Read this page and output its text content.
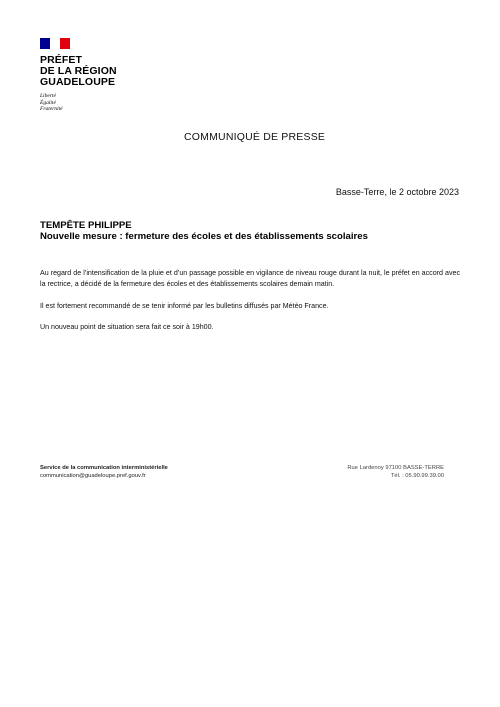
PRÉFET
DE LA RÉGION
GUADELOUPE
Liberté
Égalité
Fraternité
COMMUNIQUÉ DE PRESSE
Basse-Terre, le 2 octobre 2023
TEMPÊTE PHILIPPE
Nouvelle mesure : fermeture des écoles et des établissements scolaires

Au regard de l’intensification de la pluie et d’un passage possible en vigilance de niveau rouge durant la nuit, le préfet en accord avec la rectrice, a décidé de la fermeture des écoles et des établissements scolaires demain matin.

Il est fortement recommandé de se tenir informé par les bulletins diffusés par Météo France.

Un nouveau point de situation sera fait ce soir à 19h00.

Service de la communication interministérielle
communication@guadeloupe.pref.gouv.fr
Rue Lardenoy 97100 BASSE-TERRE
Tél. : 05.90.99.39.00
